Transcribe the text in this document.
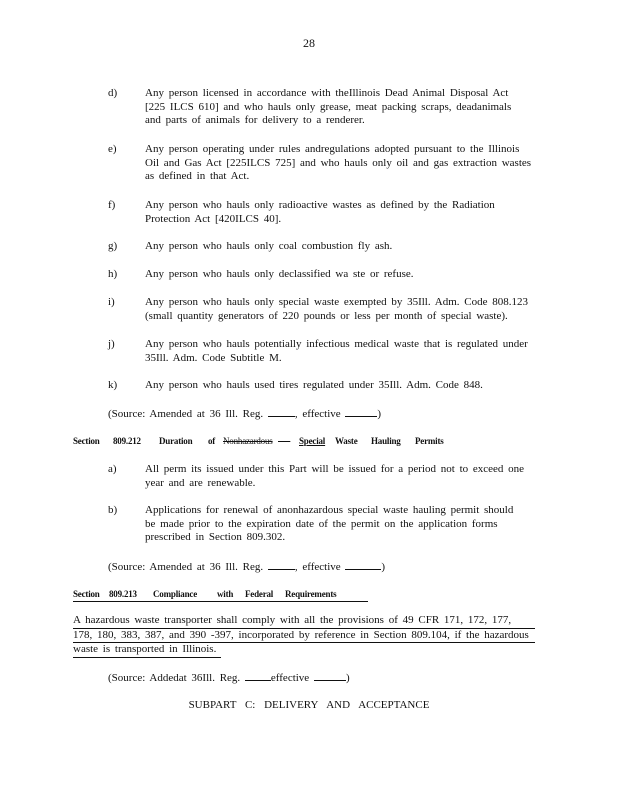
28
d)	Any person licensed in accordance with theIllinois Dead Animal Disposal Act
[225 ILCS 610] and who hauls only grease, meat packing scraps, deadanimals
and parts of animals for delivery to a renderer.
e)	Any person operating under rules andregulations adopted pursuant to the Illinois
Oil and Gas Act [225ILCS 725] and who hauls only oil and gas extraction wastes
as defined in that Act.
f)	Any person who hauls only radioactive wastes as defined by the Radiation
Protection Act [420ILCS 40].
g)	Any person who hauls only coal combustion fly ash.
h)	Any person who hauls only declassified wa ste or refuse.
i)	Any person who hauls only special waste exempted by 35Ill. Adm. Code 808.123
(small quantity generators of 220 pounds or less per month of special waste).
j)	Any person who hauls potentially infectious medical waste that is regulated under
35Ill. Adm. Code Subtitle M.
k)	Any person who hauls used tires regulated under 35Ill. Adm. Code 848.
(Source: Amended at 36 Ill. Reg.	, effective	)
Section 809.212 Duration of Nonhazardous
	Special Waste Hauling Permits
a)	All perm its issued under this Part will be issued for a period not to exceed one
year and are renewable.
b)	Applications for renewal of anonhazardous special waste hauling permit should
be made prior to the expiration date of the permit on the application forms
prescribed in Section 809.302.
(Source: Amended at 36 Ill. Reg.	, effective	)
Section 809.213 Compliance with Federal Requirements
A hazardous waste transporter shall comply with all the provisions of 49 CFR 171, 172, 177,
178, 180, 383, 387, and 390 -397, incorporated by reference in Section 809.104, if the hazardous
waste is transported in Illinois.
(Source: Addedat 36Ill. Reg.	effective	)
SUBPART C: DELIVERY AND ACCEPTANCE
